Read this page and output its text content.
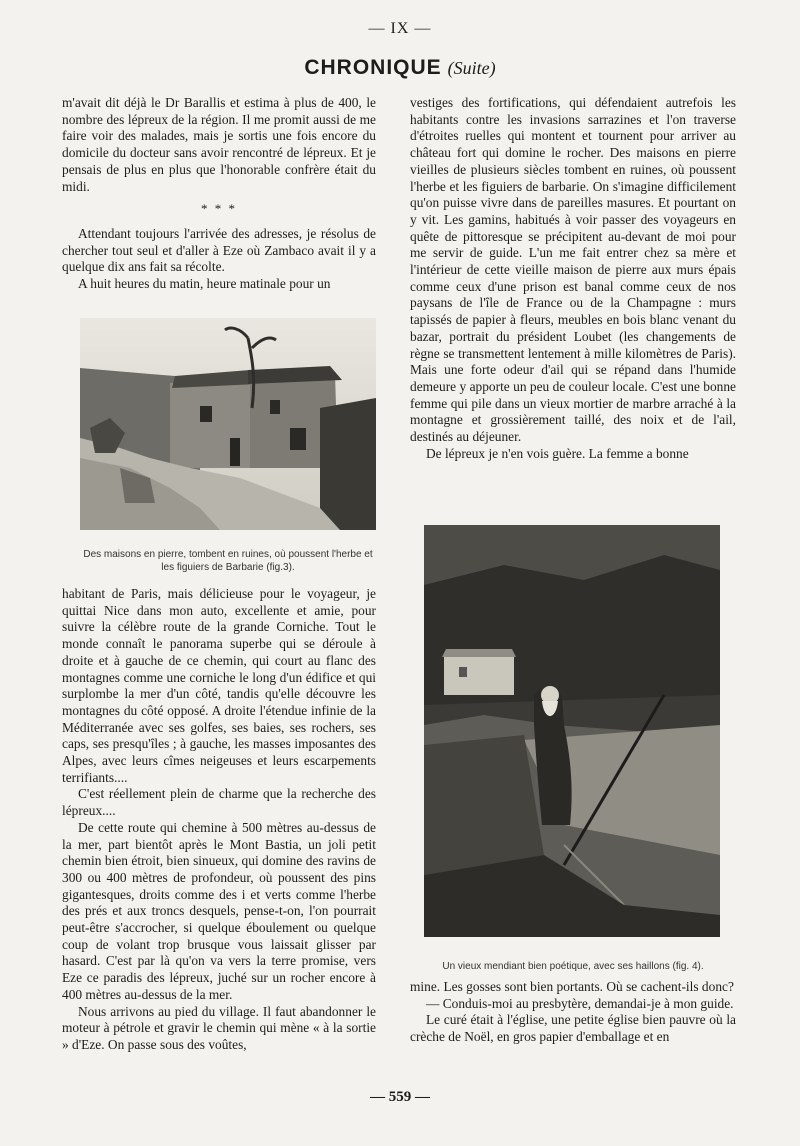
— IX —
CHRONIQUE (Suite)

m'avait dit déjà le Dr Barallis et estima à plus de 400, le nombre des lépreux de la région. Il me promit aussi de me faire voir des malades, mais je sortis une fois encore du domicile du docteur sans avoir rencontré de lépreux. Et je pensais de plus en plus que l'honorable confrère était du midi.

* * *

Attendant toujours l'arrivée des adresses, je résolus de chercher tout seul et d'aller à Eze où Zambaco avait il y a quelque dix ans fait sa récolte.

A huit heures du matin, heure matinale pour un

Des maisons en pierre, tombent en ruines, où poussent l'herbe et les figuiers de Barbarie (fig.3).

habitant de Paris, mais délicieuse pour le voyageur, je quittai Nice dans mon auto, excellente et amie, pour suivre la célèbre route de la grande Corniche. Tout le monde connaît le panorama superbe qui se déroule à droite et à gauche de ce chemin, qui court au flanc des montagnes comme une corniche le long d'un édifice et qui surplombe la mer d'un côté, tandis qu'elle découvre les montagnes du côté opposé. A droite l'étendue infinie de la Méditerranée avec ses golfes, ses baies, ses rochers, ses caps, ses presqu'îles ; à gauche, les masses imposantes des Alpes, avec leurs cîmes neigeuses et leurs escarpements terrifiants....

C'est réellement plein de charme que la recherche des lépreux....

De cette route qui chemine à 500 mètres au-dessus de la mer, part bientôt après le Mont Bastia, un joli petit chemin bien étroit, bien sinueux, qui domine des ravins de 300 ou 400 mètres de profondeur, où poussent des pins gigantesques, droits comme des i et verts comme l'herbe des prés et aux troncs desquels, pense-t-on, l'on pourrait peut-être s'accrocher, si quelque éboulement ou quelque coup de volant trop brusque vous laissait glisser par hasard. C'est par là qu'on va vers la terre promise, vers Eze ce paradis des lépreux, juché sur un rocher encore à 400 mètres au-dessus de la mer.

Nous arrivons au pied du village. Il faut abandonner le moteur à pétrole et gravir le chemin qui mène « à la sortie » d'Eze. On passe sous des voûtes,

vestiges des fortifications, qui défendaient autrefois les habitants contre les invasions sarrazines et l'on traverse d'étroites ruelles qui montent et tournent pour arriver au château fort qui domine le rocher. Des maisons en pierre vieilles de plusieurs siècles tombent en ruines, où poussent l'herbe et les figuiers de barbarie. On s'imagine difficilement qu'on puisse vivre dans de pareilles masures. Et pourtant on y vit. Les gamins, habitués à voir passer des voyageurs en quête de pittoresque se précipitent au-devant de moi pour me servir de guide. L'un me fait entrer chez sa mère et l'intérieur de cette vieille maison de pierre aux murs épais comme ceux d'une prison est banal comme ceux de nos paysans de l'île de France ou de la Champagne : murs tapissés de papier à fleurs, meubles en bois blanc venant du bazar, portrait du président Loubet (les changements de règne se transmettent lentement à mille kilomètres de Paris). Mais une forte odeur d'ail qui se répand dans l'humide demeure y apporte un peu de couleur locale. C'est une bonne femme qui pile dans un vieux mortier de marbre arraché à la montagne et grossièrement taillé, des noix et de l'ail, destinés au déjeuner.

De lépreux je n'en vois guère. La femme a bonne

Un vieux mendiant bien poétique, avec ses haillons (fig. 4).

mine. Les gosses sont bien portants. Où se cachent-ils donc?

— Conduis-moi au presbytère, demandai-je à mon guide.

Le curé était à l'église, une petite église bien pauvre où la crèche de Noël, en gros papier d'emballage et en

— 559 —
